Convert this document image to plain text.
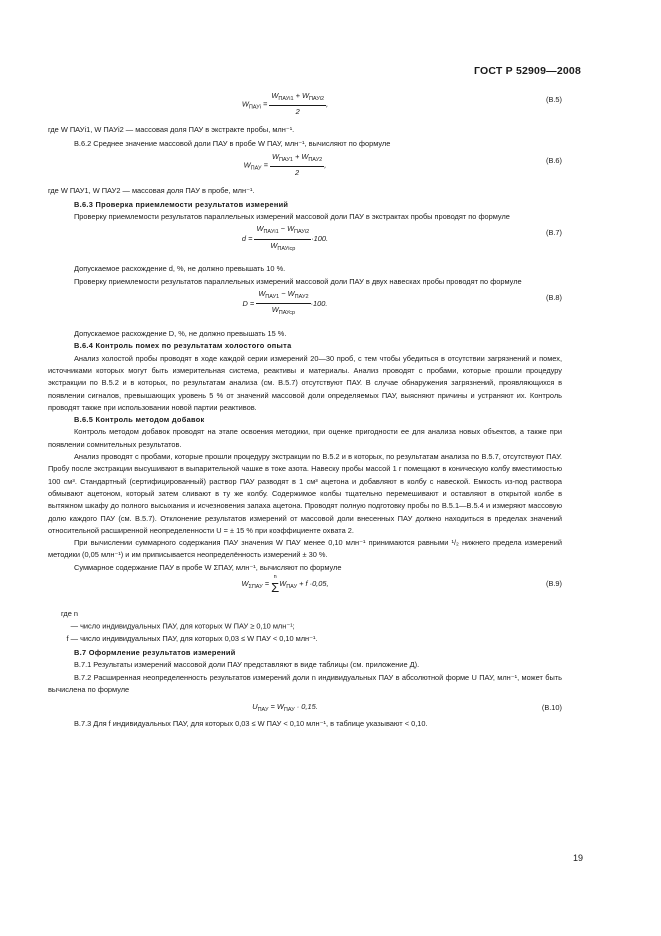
ГОСТ Р 52909—2008
$W_{ПАУi} = \frac{W_{ПАУi1} + W_{ПАУi2}}{2}$ ,	(В.5)

где W ПАУi1, W ПАУi2 — массовая доля ПАУ в экстракте пробы, млн⁻¹.

В.6.2 Среднее значение массовой доли ПАУ в пробе W ПАУ, млн⁻¹, вычисляют по формуле

$W_{ПАУ} = \frac{W_{ПАУ1} + W_{ПАУ2}}{2}$ ,	(В.6)

где W ПАУ1, W ПАУ2 — массовая доля ПАУ в пробе, млн⁻¹.

В.6.3 Проверка приемлемости результатов измерений

Проверку приемлемости результатов параллельных измерений массовой доли ПАУ в экстрактах пробы проводят по формуле

$d = \frac{W_{ПАУi1} - W_{ПАУi2}}{W_{ПАУiср}} \cdot 100$.
(В.7)

Допускаемое расхождение d, %, не должно превышать 10 %.

Проверку приемлемости результатов параллельных измерений массовой доли ПАУ в двух навесках пробы проводят по формуле

$D = \frac{W_{ПАУ1} - W_{ПАУ2}}{W_{ПАУср}} \cdot 100$.
(В.8)

Допускаемое расхождение D, %, не должно превышать 15 %.

В.6.4 Контроль помех по результатам холостого опыта

Анализ холостой пробы проводят в ходе каждой серии измерений 20—30 проб, с тем чтобы убедиться в отсутствии загрязнений и помех, источниками которых могут быть измерительная система, реактивы и материалы. Анализ проводят с пробами, которые прошли процедуру экстракции по В.5.2 и в которых, по результатам анализа (см. В.5.7) отсутствуют ПАУ. В случае обнаружения загрязнений, проявляющихся в появлении сигналов, превышающих уровень 5 % от значений массовой доли определяемых ПАУ, выясняют причины и устраняют их. Контроль проводят также при использовании новой партии реактивов.

В.6.5 Контроль методом добавок

Контроль методом добавок проводят на этапе освоения методики, при оценке пригодности ее для анализа новых объектов, а также при появлении сомнительных результатов.

Анализ проводят с пробами, которые прошли процедуру экстракции по В.5.2 и в которых, по результатам анализа по В.5.7, отсутствуют ПАУ. Пробу после экстракции высушивают в выпарительной чашке в токе азота. Навеску пробы массой 1 г помещают в коническую колбу вместимостью 100 см³. Стандартный (сертифицированный) раствор ПАУ разводят в 1 см³ ацетона и добавляют в колбу с навеской. Емкость из-под раствора обмывают ацетоном, который затем сливают в ту же колбу. Содержимое колбы тщательно перемешивают и оставляют в открытой колбе в вытяжном шкафу до полного высыхания и исчезновения запаха ацетона. Проводят полную подготовку пробы по В.5.1—В.5.4 и измеряют массовую долю каждого ПАУ (см. В.5.7). Отклонение результатов измерений от массовой доли внесенных ПАУ должно находиться в пределах значений относительной расширенной неопределенности U = ± 15 % при коэффициенте охвата 2.

При вычислении суммарного содержания ПАУ значения W ПАУ менее 0,10 млн⁻¹ принимаются равными ¹/₂ нижнего предела измерений методики (0,05 млн⁻¹) и им приписывается неопределённость измерений ± 30 %.

Суммарное содержание ПАУ в пробе W ΣПАУ, млн⁻¹, вычисляют по формуле

$W_{\Sigma ПАУ}$ =
n
Σ $W_{ПАУ} + f \cdot 0,05$,	(В.9)
где n — число индивидуальных ПАУ, для которых W ПАУ ≥ 0,10 млн⁻¹;
f — число индивидуальных ПАУ, для которых 0,03 ≤ W ПАУ < 0,10 млн⁻¹.

В.7 Оформление результатов измерений

В.7.1 Результаты измерений массовой доли ПАУ представляют в виде таблицы (см. приложение Д).

В.7.2 Расширенная неопределенность результатов измерений доли n индивидуальных ПАУ в абсолютной форме U ПАУ, млн⁻¹, может быть вычислена по формуле

$U_{ПАУ} = W_{ПАУ} \cdot 0,15$.	(В.10)

В.7.3 Для f индивидуальных ПАУ, для которых 0,03 ≤ W ПАУ < 0,10 млн⁻¹, в таблице указывают < 0,10.

19
